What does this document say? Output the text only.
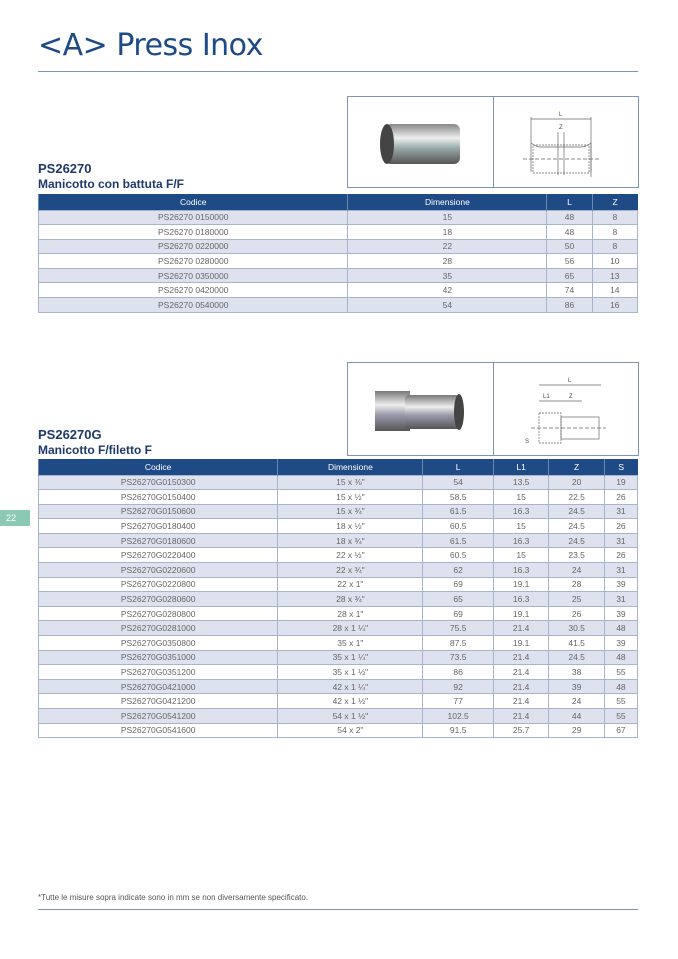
<A> Press Inox
L
Z
PS26270
Manicotto con battuta F/F
Codice	Dimensione	L	Z
PS26270 0150000	15	48	8
PS26270 0180000	18	48	8
PS26270 0220000	22	50	8
PS26270 0280000	28	56	10
PS26270 0350000	35	65	13
PS26270 0420000	42	74	14
PS26270 0540000	54	86	16
L
L1	Z
S
PS26270G
Manicotto F/filetto F
Codice	Dimensione	L	L1	Z	S
PS26270G0150300	15 x ⅜"	54	13.5	20	19
PS26270G0150400	15 x ½"	58.5	15	22.5	26
PS26270G0150600	15 x ¾"	61.5	16.3	24.5	31
PS26270G0180400	18 x ½"	60.5	15	24.5	26
PS26270G0180600	18 x ¾"	61.5	16.3	24.5	31
PS26270G0220400	22 x ½"	60.5	15	23.5	26
PS26270G0220600	22 x ¾"	62	16.3	24	31
PS26270G0220800	22 x 1"	69	19.1	28	39
PS26270G0280600	28 x ¾"	65	16.3	25	31
PS26270G0280800	28 x 1"	69	19.1	26	39
PS26270G0281000	28 x 1 ¼"	75.5	21.4	30.5	48
PS26270G0350800	35 x 1"	87.5	19.1	41.5	39
PS26270G0351000	35 x 1 ¼"	73.5	21.4	24.5	48
PS26270G0351200	35 x 1 ½"	86	21.4	38	55
PS26270G0421000	42 x 1 ¼"	92	21.4	39	48
PS26270G0421200	42 x 1 ½"	77	21.4	24	55
PS26270G0541200	54 x 1 ½"	102.5	21.4	44	55
PS26270G0541600	54 x 2"	91.5	25.7	29	67
22
*Tutte le misure sopra indicate sono in mm se non diversamente specificato.
